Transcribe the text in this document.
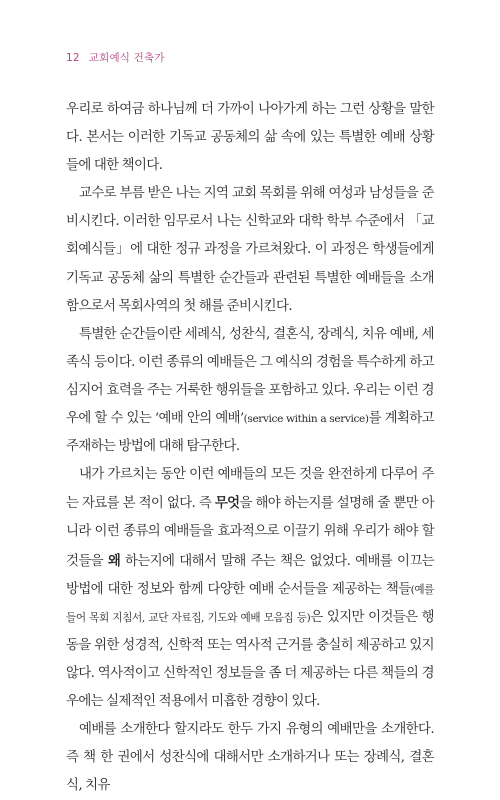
12 교회예식 건축가

우리로 하여금 하나님께 더 가까이 나아가게 하는 그런 상황을 말한다. 본서는 이러한 기독교 공동체의 삶 속에 있는 특별한 예배 상황들에 대한 책이다.

교수로 부름 받은 나는 지역 교회 목회를 위해 여성과 남성들을 준비시킨다. 이러한 임무로서 나는 신학교와 대학 학부 수준에서 「교회예식들」에 대한 정규 과정을 가르쳐왔다. 이 과정은 학생들에게 기독교 공동체 삶의 특별한 순간들과 관련된 특별한 예배들을 소개함으로서 목회사역의 첫 해를 준비시킨다.

특별한 순간들이란 세례식, 성찬식, 결혼식, 장례식, 치유 예배, 세족식 등이다. 이런 종류의 예배들은 그 예식의 경험을 특수하게 하고 심지어 효력을 주는 거룩한 행위들을 포함하고 있다. 우리는 이런 경우에 할 수 있는 ‘예배 안의 예배’(service within a service)를 계획하고 주재하는 방법에 대해 탐구한다.

내가 가르치는 동안 이런 예배들의 모든 것을 완전하게 다루어 주는 자료를 본 적이 없다. 즉 무엇을 해야 하는지를 설명해 줄 뿐만 아니라 이런 종류의 예배들을 효과적으로 이끌기 위해 우리가 해야 할 것들을 왜 하는지에 대해서 말해 주는 책은 없었다. 예배를 이끄는 방법에 대한 정보와 함께 다양한 예배 순서들을 제공하는 책들(예를 들어 목회 지침서, 교단 자료집, 기도와 예배 모음집 등)은 있지만 이것들은 행동을 위한 성경적, 신학적 또는 역사적 근거를 충실히 제공하고 있지 않다. 역사적이고 신학적인 정보들을 좀 더 제공하는 다른 책들의 경우에는 실제적인 적용에서 미흡한 경향이 있다.

예배를 소개한다 할지라도 한두 가지 유형의 예배만을 소개한다. 즉 책 한 권에서 성찬식에 대해서만 소개하거나 또는 장례식, 결혼식, 치유
